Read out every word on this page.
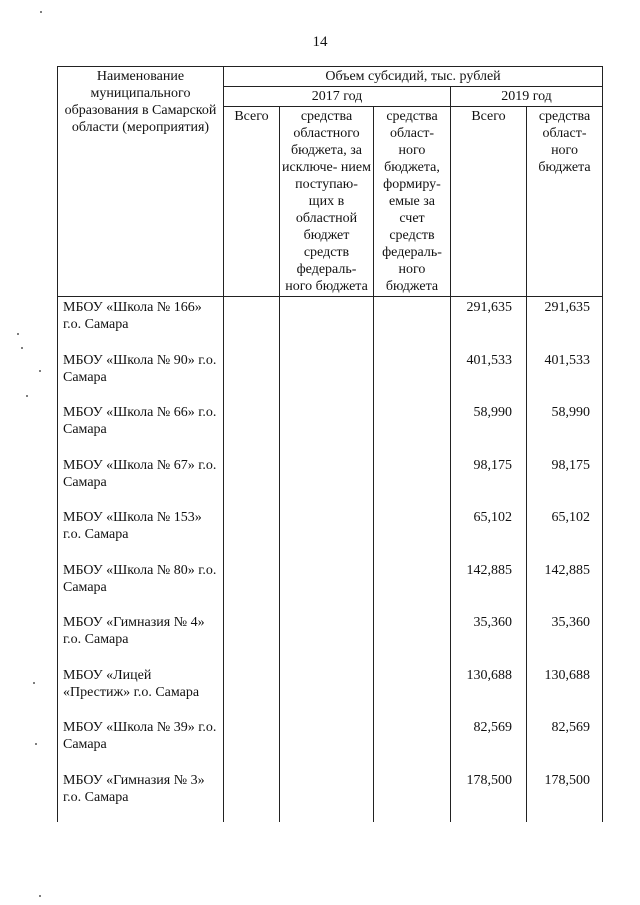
14
Наименование муниципального образования в Самарской области (мероприятия)	Объем субсидий, тыс. рублей				
	2017 год			2019 год	
	Всего	средства областного бюджета, за исключе- нием поступаю- щих в областной бюджет средств федераль- ного бюджета	средства област- ного бюджета, формиру- емые за счет средств федераль- ного бюджета	Всего	средства област- ного бюджета
МБОУ «Школа № 166» г.о. Самара				291,635	291,635
МБОУ «Школа № 90» г.о. Самара				401,533	401,533
МБОУ «Школа № 66» г.о. Самара				58,990	58,990
МБОУ «Школа № 67» г.о. Самара				98,175	98,175
МБОУ «Школа № 153» г.о. Самара				65,102	65,102
МБОУ «Школа № 80» г.о. Самара				142,885	142,885
МБОУ «Гимназия № 4» г.о. Самара				35,360	35,360
МБОУ «Лицей «Престиж» г.о. Самара				130,688	130,688
МБОУ «Школа № 39» г.о. Самара				82,569	82,569
МБОУ «Гимназия № 3» г.о. Самара				178,500	178,500
